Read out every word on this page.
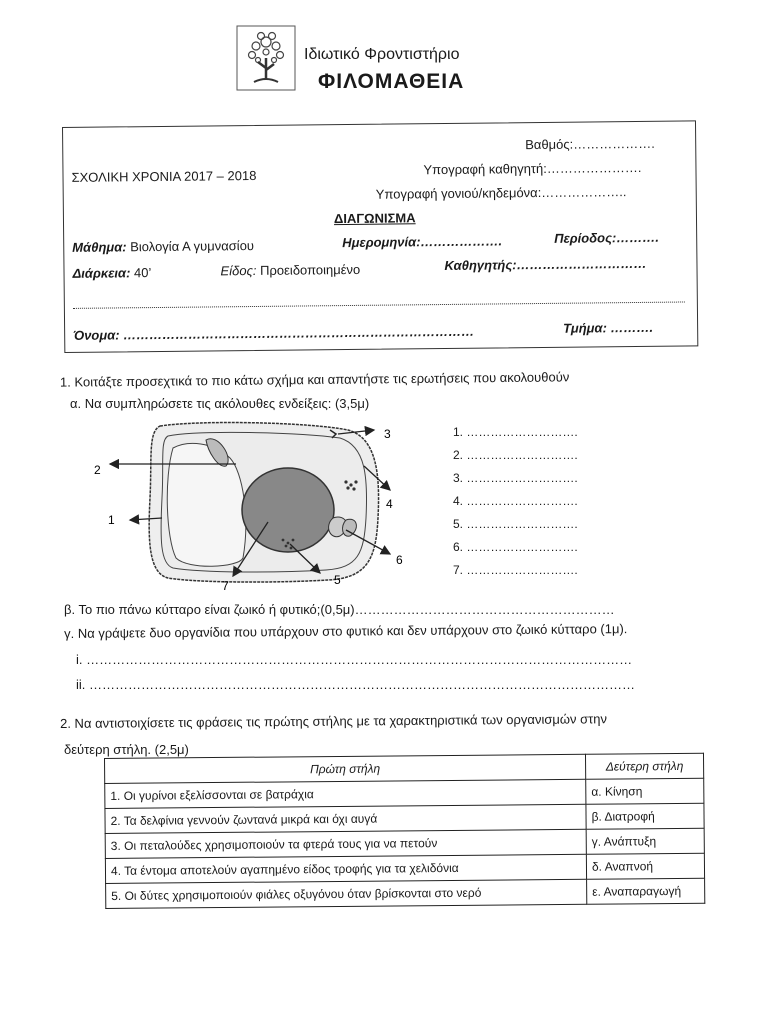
Ιδιωτικό Φροντιστήριο
ΦΙΛΟΜΑΘΕΙΑ
Βαθμός:……………….
ΣΧΟΛΙΚΗ ΧΡΟΝΙΑ 2017 – 2018	Υπογραφή καθηγητή:………………….
Υπογραφή γονιού/κηδεμόνα:………………..
ΔΙΑΓΩΝΙΣΜΑ
Μάθημα: Βιολογία Α γυμνασίου	Ημερομηνία:……………….	Περίοδος:……….
Διάρκεια: 40’	Είδος: Προειδοποιημένο	Καθηγητής:…………………………
Όνομα: ………………………………………………………………………	Τμήμα: ……….
1. Κοιτάξτε προσεχτικά το πιο κάτω σχήμα και απαντήστε τις ερωτήσεις που ακολουθούν
α. Να συμπληρώσετε τις ακόλουθες ενδείξεις: (3,5μ)
3
2
1
4
6
5
7
1. ……………………….
2. ……………………….
3. ……………………….
4. ……………………….
5. ……………………….
6. ……………………….
7. ……………………….
β. Το πιο πάνω κύτταρο είναι ζωικό ή φυτικό;(0,5μ)……………………………………………………
γ. Να γράψετε δυο οργανίδια που υπάρχουν στο φυτικό και δεν υπάρχουν στο ζωικό κύτταρο (1μ).
i. ………………………………………………………………………………………………………………
ii. ………………………………………………………………………………………………………………
2. Να αντιστοιχίσετε τις φράσεις τις πρώτης στήλης με τα χαρακτηριστικά των οργανισμών στην
δεύτερη στήλη. (2,5μ)
Πρώτη στήλη	Δεύτερη στήλη
1. Οι γυρίνοι εξελίσσονται σε βατράχια	α. Κίνηση
2. Τα δελφίνια γεννούν ζωντανά μικρά και όχι αυγά	β. Διατροφή
3. Οι πεταλούδες χρησιμοποιούν τα φτερά τους για να πετούν	γ. Ανάπτυξη
4. Τα έντομα αποτελούν αγαπημένο είδος τροφής για τα χελιδόνια	δ. Αναπνοή
5. Οι δύτες χρησιμοποιούν φιάλες οξυγόνου όταν βρίσκονται στο νερό	ε. Αναπαραγωγή
